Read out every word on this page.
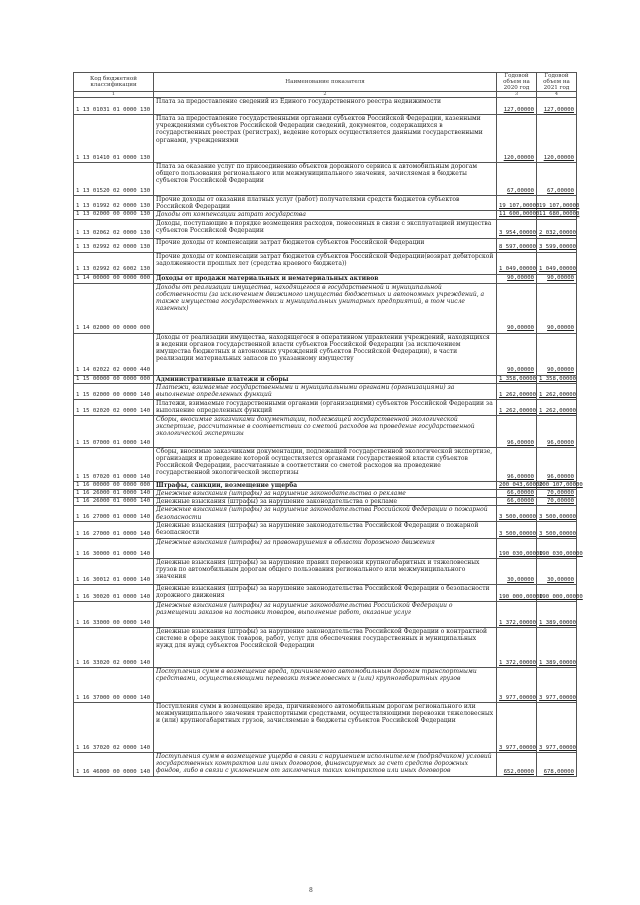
Код бюджетной классификации	Наименование показателя	Годовой объем на 2020 год	Годовой объем на 2021 год
1	2	3	4
1 13 01031 01 0000 130	Плата за предоставление сведений из Единого государственного реестра недвижимости	127,00000	127,00000
1 13 01410 01 0000 130	Плата за предоставление государственными органами субъектов Российской Федерации, казенными учреждениями субъектов Российской Федерации сведений, документов, содержащихся в государственных реестрах (регистрах), ведение которых осуществляется данными государственными органами, учреждениями	120,00000	120,00000
1 13 01520 02 0000 130	Плата за оказание услуг по присоединению объектов дорожного сервиса к автомобильным дорогам общего пользования регионального или межмуниципального значения, зачисляемая в бюджеты субъектов Российской Федерации	67,00000	67,00000
1 13 01992 02 0000 130	Прочие доходы от оказания платных услуг (работ) получателями средств бюджетов субъектов Российской Федерации	19 107,00000	19 107,00000
1 13 02000 00 0000 130	Доходы от компенсации затрат государства	11 600,00000	11 680,00000
1 13 02062 02 0000 130	Доходы, поступающие в порядке возмещения расходов, понесенных в связи с эксплуатацией имущества субъектов Российской Федерации	3 954,00000	2 032,00000
1 13 02992 02 0000 130	Прочие доходы от компенсации затрат бюджетов субъектов Российской Федерации	8 597,00000	3 599,00000
1 13 02992 02 6002 130	Прочие доходы от компенсации затрат бюджетов субъектов Российской Федерации(возврат дебиторской задолженности прошлых лет (средства краевого бюджета))	1 049,00000	1 049,00000
1 14 00000 00 0000 000	Доходы от продажи материальных и нематериальных активов	90,00000	90,00000
1 14 02000 00 0000 000	Доходы от реализации имущества, находящегося в государственной и муниципальной собственности (за исключением движимого имущества бюджетных и автономных учреждений, а также имущества государственных и муниципальных унитарных предприятий, в том числе казенных)	90,00000	90,00000
1 14 02022 02 0000 440	Доходы от реализации имущества, находящегося в оперативном управлении учреждений, находящихся в ведении органов государственной власти субъектов Российской Федерации (за исключением имущества бюджетных и автономных учреждений субъектов Российской Федерации), в части реализации материальных запасов по указанному имуществу	90,00000	90,00000
1 15 00000 00 0000 000	Административные платежи и сборы	1 358,00000	1 358,00000
1 15 02000 00 0000 140	Платежи, взимаемые государственными и муниципальными органами (организациями) за выполнение определенных функций	1 262,00000	1 262,00000
1 15 02020 02 0000 140	Платежи, взимаемые государственными органами (организациями) субъектов Российской Федерации за выполнение определенных функций	1 262,00000	1 262,00000
1 15 07000 01 0000 140	Сборы, вносимые заказчиками документации, подлежащей государственной экологической экспертизе, рассчитанные в соответствии со сметой расходов на проведение государственной экологической экспертизы	96,00000	96,00000
1 15 07020 01 0000 140	Сборы, вносимые заказчиками документации, подлежащей государственной экологической экспертизе, организация и проведение которой осуществляется органами государственной власти субъектов Российской Федерации, рассчитанные в соответствии со сметой расходов на проведение государственной экологической экспертизы	96,00000	96,00000
1 16 00000 00 0000 000	Штрафы, санкции, возмещение ущерба	200 043,60000	200 107,00000
1 16 26000 01 0000 140	Денежные взыскания (штрафы) за нарушение законодательства о рекламе	66,00000	70,00000
1 16 26000 01 0000 140	Денежные взыскания (штрафы) за нарушение законодательства о рекламе	66,00000	70,00000
1 16 27000 01 0000 140	Денежные взыскания (штрафы) за нарушение законодательства Российской Федерации о пожарной безопасности	3 500,00000	3 500,00000
1 16 27000 01 0000 140	Денежные взыскания (штрафы) за нарушение законодательства Российской Федерации о пожарной безопасности	3 500,00000	3 500,00000
1 16 30000 01 0000 140	Денежные взыскания (штрафы) за правонарушения в области дорожного движения	190 030,00000	190 030,00000
1 16 30012 01 0000 140	Денежные взыскания (штрафы) за нарушение правил перевозки крупногабаритных и тяжеловесных грузов по автомобильным дорогам общего пользования регионального или межмуниципального значения	30,00000	30,00000
1 16 30020 01 0000 140	Денежные взыскания (штрафы) за нарушение законодательства Российской Федерации о безопасности дорожного движения	190 000,00000	190 000,00000
1 16 33000 00 0000 140	Денежные взыскания (штрафы) за нарушение законодательства Российской Федерации о размещении заказов на поставки товаров, выполнение работ, оказание услуг	1 372,00000	1 389,00000
1 16 33020 02 0000 140	Денежные взыскания (штрафы) за нарушение законодательства Российской Федерации о контрактной системе в сфере закупок товаров, работ, услуг для обеспечения государственных и муниципальных нужд для нужд субъектов Российской Федерации	1 372,00000	1 389,00000
1 16 37000 00 0000 140	Поступления сумм в возмещение вреда, причиняемого автомобильным дорогам транспортными средствами, осуществляющими перевозки тяжеловесных и (или) крупногабаритных грузов	3 977,00000	3 977,00000
1 16 37020 02 0000 140	Поступления сумм в возмещение вреда, причиняемого автомобильным дорогам регионального или межмуниципального значения транспортными средствами, осуществляющими перевозки тяжеловесных и (или) крупногабаритных грузов, зачисляемые в бюджеты субъектов Российской Федерации	3 977,00000	3 977,00000
1 16 46000 00 0000 140	Поступления сумм в возмещение ущерба в связи с нарушением исполнителем (подрядчиком) условий государственных контрактов или иных договоров, финансируемых за счет средств дорожных фондов, либо в связи с уклонением от заключения таких контрактов или иных договоров	652,00000	678,00000
8
